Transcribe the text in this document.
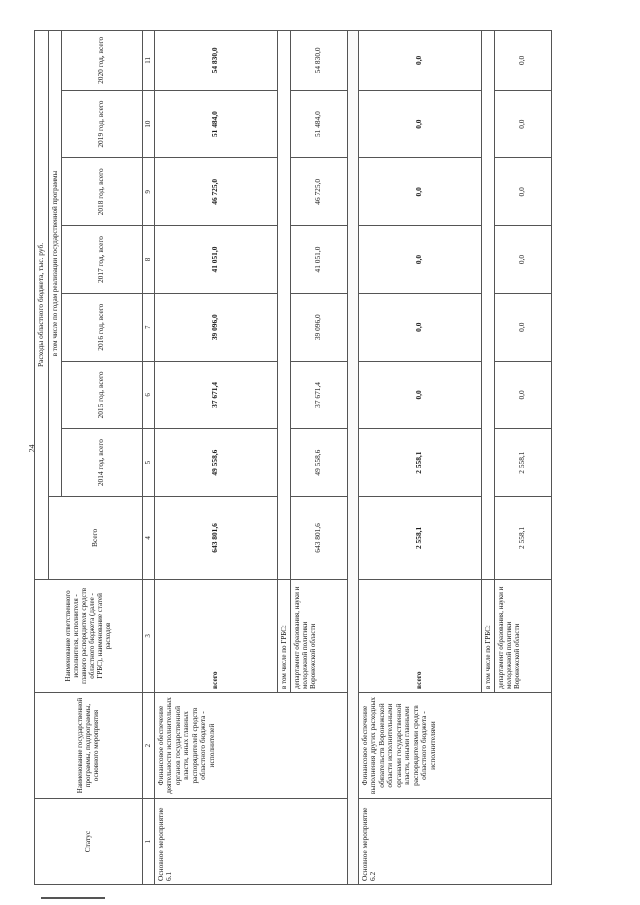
24
Статус	Наименование государственной программы, подпрограммы, основного мероприятия	Наименование ответственного исполнителя, исполнителя - главного распорядителя средств областного бюджета (далее - ГРБС), наименование статей расходов	Расходы областного бюджета, тыс. руб.							
			Всего	в том числе по годам реализации государственной программы						
				2014 год, всего	2015 год, всего	2016 год, всего	2017 год, всего	2018 год, всего	2019 год, всего	2020 год, всего
1	2	3	4	5	6	7	8	9	10	11
Основное мероприятие 6.1	Финансовое обеспечение деятельности исполнительных органов государственной власти, иных главных распорядителей средств областного бюджета - исполнителей	всего	643 801,6	49 558,6	37 671,4	39 096,0	41 051,0	46 725,0	51 484,0	54 830,0
		в том числе по ГРБС:								
		департамент образования, науки и молодежной политики Воронежской области	643 801,6	49 558,6	37 671,4	39 096,0	41 051,0	46 725,0	51 484,0	54 830,0

Основное мероприятие 6.2	Финансовое обеспечение выполнения других расходных обязательств Воронежской области исполнительными органами государственной власти, иными главными распорядителями средств областного бюджета - исполнителями	всего	2 558,1	2 558,1	0,0	0,0	0,0	0,0	0,0	0,0
		в том числе по ГРБС:								
		департамент образования, науки и молодежной политики Воронежской области	2 558,1	2 558,1	0,0	0,0	0,0	0,0	0,0	0,0
